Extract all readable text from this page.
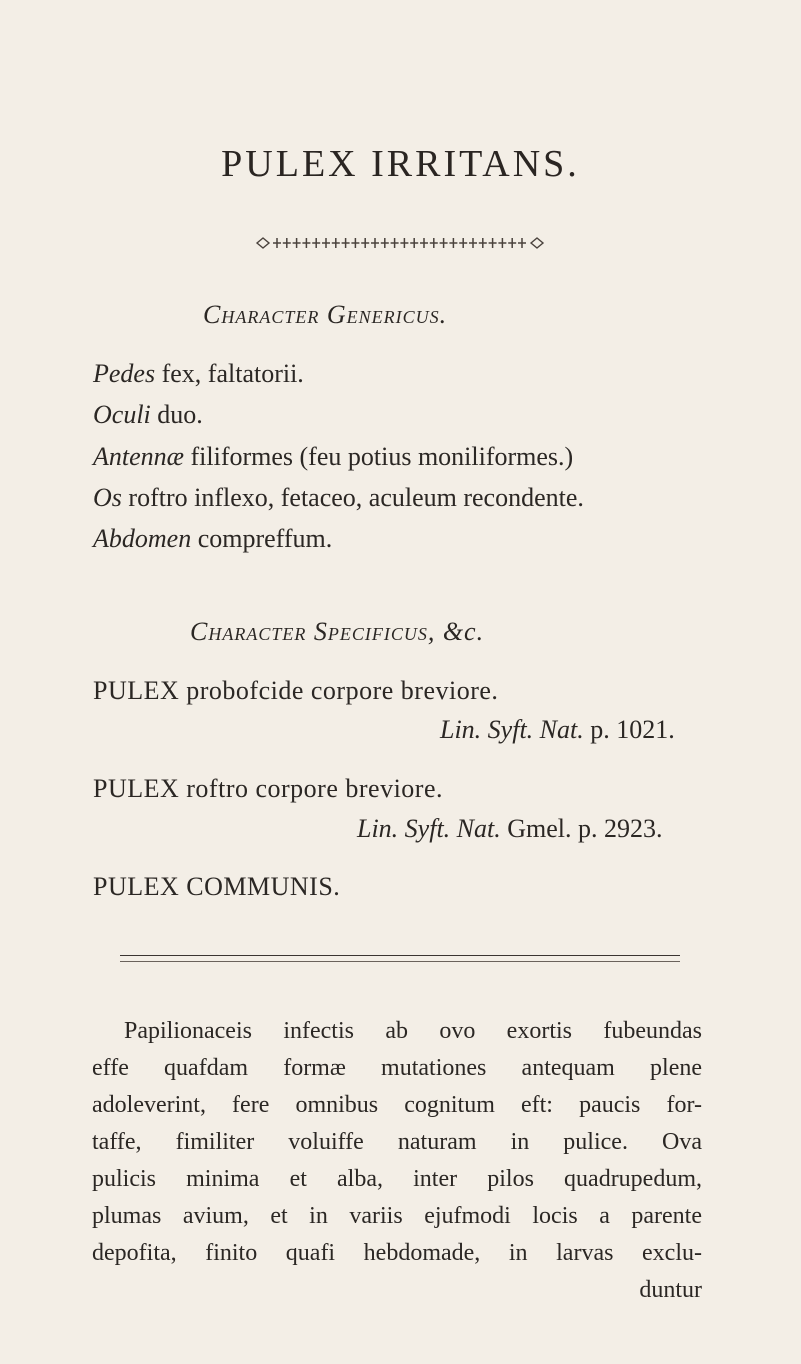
PULEX IRRITANS.
Character Genericus.
Pedes fex, faltatorii.
Oculi duo.
Antennæ filiformes (feu potius moniliformes.)
Os roftro inflexo, fetaceo, aculeum recondente.
Abdomen compreffum.
Character Specificus, &c.
PULEX probofcide corpore breviore.
Lin. Syft. Nat. p. 1021.
PULEX roftro corpore breviore.
Lin. Syft. Nat. Gmel. p. 2923.
PULEX COMMUNIS.
Papilionaceis infectis ab ovo exortis fubeundas
effe quafdam formæ mutationes antequam plene
adoleverint, fere omnibus cognitum eft: paucis for-
taffe, fimiliter voluiffe naturam in pulice. Ova
pulicis minima et alba, inter pilos quadrupedum,
plumas avium, et in variis ejufmodi locis a parente
depofita, finito quafi hebdomade, in larvas exclu-
duntur
